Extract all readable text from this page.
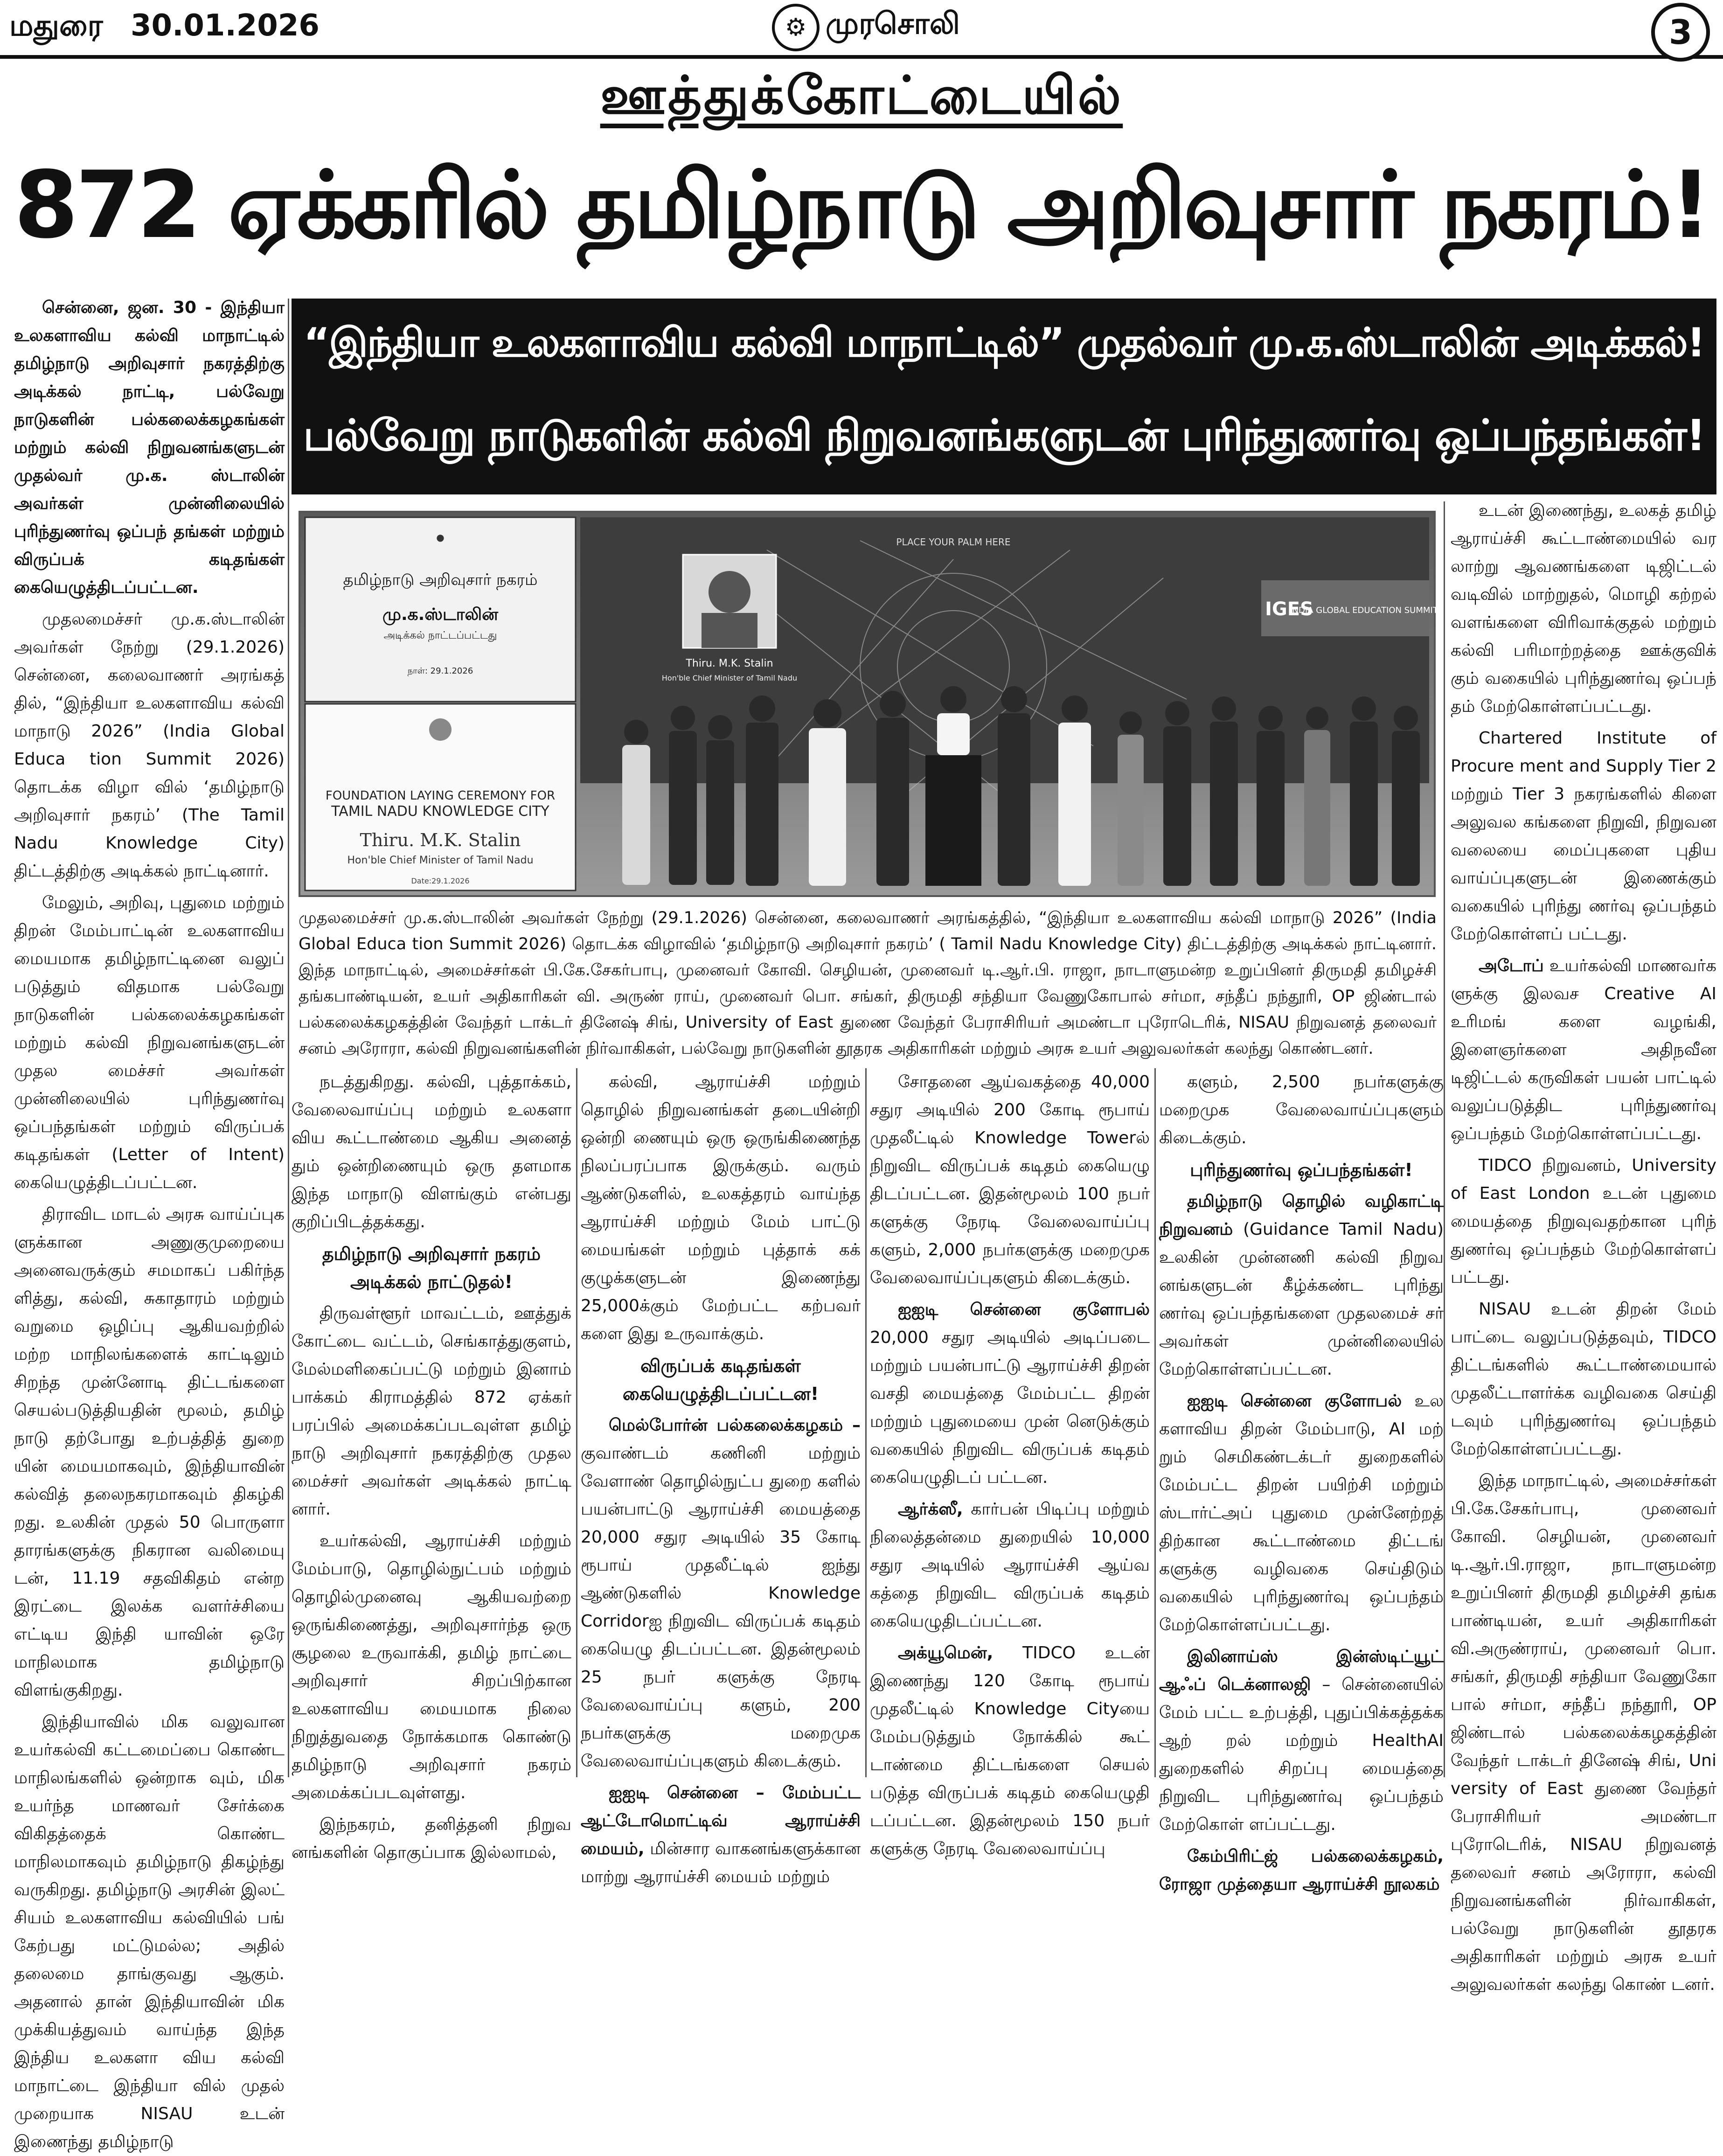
மதுரை 30.01.2026	⚙ முரசொலி	3
ஊத்துக்கோட்டையில்
872 ஏக்கரில் தமிழ்நாடு அறிவுசார் நகரம்!
“இந்தியா உலகளாவிய கல்வி மாநாட்டில்” முதல்வர் மு.க.ஸ்டாலின் அடிக்கல்!
பல்வேறு நாடுகளின் கல்வி நிறுவனங்களுடன் புரிந்துணர்வு ஒப்பந்தங்கள்!

சென்னை, ஜன. 30 - இந்தியா உலகளாவிய கல்வி மாநாட்டில் தமிழ்நாடு அறிவுசார் நகரத்திற்கு அடிக்கல் நாட்டி, பல்வேறு நாடுகளின் பல்கலைக்கழகங்கள் மற்றும் கல்வி நிறுவனங்களுடன் முதல்வர் மு.க. ஸ்டாலின் அவர்கள் முன்னிலையில் புரிந்துணர்வு ஒப்பந் தங்கள் மற்றும் விருப்பக் கடிதங்கள் கையெழுத்திடப்பட்டன.

முதலமைச்சர் மு.க.ஸ்டாலின் அவர்கள் நேற்று (29.1.2026) சென்னை, கலைவாணர் அரங்கத் தில், “இந்தியா உலகளாவிய கல்வி மாநாடு 2026” (India Global Educa tion Summit 2026) தொடக்க விழா வில் ‘தமிழ்நாடு அறிவுசார் நகரம்’ (The Tamil Nadu Knowledge City) திட்டத்திற்கு அடிக்கல் நாட்டினார்.

மேலும், அறிவு, புதுமை மற்றும் திறன் மேம்பாட்டின் உலகளாவிய மையமாக தமிழ்நாட்டினை வலுப் படுத்தும் விதமாக பல்வேறு நாடுகளின் பல்கலைக்கழகங்கள் மற்றும் கல்வி நிறுவனங்களுடன் முதல மைச்சர் அவர்கள் முன்னிலையில் புரிந்துணர்வு ஒப்பந்தங்கள் மற்றும் விருப்பக் கடிதங்கள் (Letter of Intent) கையெழுத்திடப்பட்டன.

திராவிட மாடல் அரசு வாய்ப்புக ளுக்கான அணுகுமுறையை அனைவருக்கும் சமமாகப் பகிர்ந்த ளித்து, கல்வி, சுகாதாரம் மற்றும் வறுமை ஒழிப்பு ஆகியவற்றில் மற்ற மாநிலங்களைக் காட்டிலும் சிறந்த முன்னோடி திட்டங்களை செயல்படுத்தியதின் மூலம், தமிழ் நாடு தற்போது உற்பத்தித் துறை யின் மையமாகவும், இந்தியாவின் கல்வித் தலைநகரமாகவும் திகழ்கி றது. உலகின் முதல் 50 பொருளா தாரங்களுக்கு நிகரான வலிமையு டன், 11.19 சதவிகிதம் என்ற இரட்டை இலக்க வளர்ச்சியை எட்டிய இந்தி யாவின் ஒரே மாநிலமாக தமிழ்நாடு விளங்குகிறது.

இந்தியாவில் மிக வலுவான உயர்கல்வி கட்டமைப்பை கொண்ட மாநிலங்களில் ஒன்றாக வும், மிக உயர்ந்த மாணவர் சேர்க்கை விகிதத்தைக் கொண்ட மாநிலமாகவும் தமிழ்நாடு திகழ்ந்து வருகிறது. தமிழ்நாடு அரசின் இலட் சியம் உலகளாவிய கல்வியில் பங் கேற்பது மட்டுமல்ல; அதில் தலைமை தாங்குவது ஆகும். அதனால் தான் இந்தியாவின் மிக முக்கியத்துவம் வாய்ந்த இந்த இந்திய உலகளா விய கல்வி மாநாட்டை இந்தியா வில் முதல் முறையாக NISAU உடன் இணைந்து தமிழ்நாடு

●
தமிழ்நாடு அறிவுசார் நகரம்
மு.க.ஸ்டாலின்
அடிக்கல் நாட்டப்பட்டது
நாள்: 29.1.2026
FOUNDATION LAYING CEREMONY FOR
TAMIL NADU KNOWLEDGE CITY
Thiru. M.K. Stalin
Hon'ble Chief Minister of Tamil Nadu
Date:29.1.2026
PLACE YOUR PALM HERE
Thiru. M.K. Stalin
Hon'ble Chief Minister of Tamil Nadu
IGES
INDIA GLOBAL EDUCATION SUMMIT
முதலமைச்சர் மு.க.ஸ்டாலின் அவர்கள் நேற்று (29.1.2026) சென்னை, கலைவாணர் அரங்கத்தில், “இந்தியா உலகளாவிய கல்வி மாநாடு 2026” (India Global Educa tion Summit 2026) தொடக்க விழாவில் ‘தமிழ்நாடு அறிவுசார் நகரம்’ ( Tamil Nadu Knowledge City) திட்டத்திற்கு அடிக்கல் நாட்டினார். இந்த மாநாட்டில், அமைச்சர்கள் பி.கே.சேகர்பாபு, முனைவர் கோவி. செழியன், முனைவர் டி.ஆர்.பி. ராஜா, நாடாளுமன்ற உறுப்பினர் திருமதி தமிழச்சி தங்கபாண்டியன், உயர் அதிகாரிகள் வி. அருண் ராய், முனைவர் பொ. சங்கர், திருமதி சந்தியா வேணுகோபால் சர்மா, சந்தீப் நந்தூரி, OP ஜிண்டால் பல்கலைக்கழகத்தின் வேந்தர் டாக்டர் தினேஷ் சிங், University of East துணை வேந்தர் பேராசிரியர் அமண்டா புரோடெரிக், NISAU நிறுவனத் தலைவர் சனம் அரோரா, கல்வி நிறுவனங்களின் நிர்வாகிகள், பல்வேறு நாடுகளின் தூதரக அதிகாரிகள் மற்றும் அரசு உயர் அலுவலர்கள் கலந்து கொண்டனர்.

நடத்துகிறது. கல்வி, புத்தாக்கம், வேலைவாய்ப்பு மற்றும் உலகளா விய கூட்டாண்மை ஆகிய அனைத் தும் ஒன்றிணையும் ஒரு தளமாக இந்த மாநாடு விளங்கும் என்பது குறிப்பிடத்தக்கது.

தமிழ்நாடு அறிவுசார் நகரம் அடிக்கல் நாட்டுதல்!

திருவள்ளூர் மாவட்டம், ஊத்துக் கோட்டை வட்டம், செங்காத்துகுளம், மேல்மளிகைப்பட்டு மற்றும் இனாம் பாக்கம் கிராமத்தில் 872 ஏக்கர் பரப்பில் அமைக்கப்படவுள்ள தமிழ் நாடு அறிவுசார் நகரத்திற்கு முதல மைச்சர் அவர்கள் அடிக்கல் நாட்டி னார்.

உயர்கல்வி, ஆராய்ச்சி மற்றும் மேம்பாடு, தொழில்நுட்பம் மற்றும் தொழில்முனைவு ஆகியவற்றை ஒருங்கிணைத்து, அறிவுசார்ந்த ஒரு சூழலை உருவாக்கி, தமிழ் நாட்டை அறிவுசார் சிறப்பிற்கான உலகளாவிய மையமாக நிலை நிறுத்துவதை நோக்கமாக கொண்டு தமிழ்நாடு அறிவுசார் நகரம் அமைக்கப்படவுள்ளது.

இந்நகரம், தனித்தனி நிறுவ னங்களின் தொகுப்பாக இல்லாமல்,

கல்வி, ஆராய்ச்சி மற்றும் தொழில் நிறுவனங்கள் தடையின்றி ஒன்றி ணையும் ஒரு ஒருங்கிணைந்த நிலப்பரப்பாக இருக்கும். வரும் ஆண்டுகளில், உலகத்தரம் வாய்ந்த ஆராய்ச்சி மற்றும் மேம் பாட்டு மையங்கள் மற்றும் புத்தாக் கக் குழுக்களுடன் இணைந்து 25,000க்கும் மேற்பட்ட கற்பவர் களை இது உருவாக்கும்.

விருப்பக் கடிதங்கள் கையெழுத்திடப்பட்டன!

மெல்போர்ன் பல்கலைக்கழகம் – குவாண்டம் கணினி மற்றும் வேளாண் தொழில்நுட்ப துறை களில் பயன்பாட்டு ஆராய்ச்சி மையத்தை 20,000 சதுர அடியில் 35 கோடி ரூபாய் முதலீட்டில் ஐந்து ஆண்டுகளில் Knowledge Corridorஐ நிறுவிட விருப்பக் கடிதம் கையெழு திடப்பட்டன. இதன்மூலம் 25 நபர் களுக்கு நேரடி வேலைவாய்ப்பு களும், 200 நபர்களுக்கு மறைமுக வேலைவாய்ப்புகளும் கிடைக்கும்.

ஐஐடி சென்னை – மேம்பட்ட ஆட்டோமொட்டிவ் ஆராய்ச்சி மையம், மின்சார வாகனங்களுக்கான மாற்று ஆராய்ச்சி மையம் மற்றும்

சோதனை ஆய்வகத்தை 40,000 சதுர அடியில் 200 கோடி ரூபாய் முதலீட்டில் Knowledge Towerல் நிறுவிட விருப்பக் கடிதம் கையெழு திடப்பட்டன. இதன்மூலம் 100 நபர் களுக்கு நேரடி வேலைவாய்ப்பு களும், 2,000 நபர்களுக்கு மறைமுக வேலைவாய்ப்புகளும் கிடைக்கும்.

ஐஐடி சென்னை குளோபல் 20,000 சதுர அடியில் அடிப்படை மற்றும் பயன்பாட்டு ஆராய்ச்சி திறன் வசதி மையத்தை மேம்பட்ட திறன் மற்றும் புதுமையை முன் னெடுக்கும் வகையில் நிறுவிட விருப்பக் கடிதம் கையெழுதிடப் பட்டன.

ஆர்க்ஸீ, கார்பன் பிடிப்பு மற்றும் நிலைத்தன்மை துறையில் 10,000 சதுர அடியில் ஆராய்ச்சி ஆய்வ கத்தை நிறுவிட விருப்பக் கடிதம் கையெழுதிடப்பட்டன.

அக்யூமென், TIDCO உடன் இணைந்து 120 கோடி ரூபாய் முதலீட்டில் Knowledge Cityயை மேம்படுத்தும் நோக்கில் கூட் டாண்மை திட்டங்களை செயல் படுத்த விருப்பக் கடிதம் கையெழுதி டப்பட்டன. இதன்மூலம் 150 நபர் களுக்கு நேரடி வேலைவாய்ப்பு

களும், 2,500 நபர்களுக்கு மறைமுக வேலைவாய்ப்புகளும் கிடைக்கும்.

புரிந்துணர்வு ஒப்பந்தங்கள்!

தமிழ்நாடு தொழில் வழிகாட்டி நிறுவனம் (Guidance Tamil Nadu) உலகின் முன்னணி கல்வி நிறுவ னங்களுடன் கீழ்க்கண்ட புரிந்து ணர்வு ஒப்பந்தங்களை முதலமைச் சர் அவர்கள் முன்னிலையில் மேற்கொள்ளப்பட்டன.

ஐஐடி சென்னை குளோபல் உல களாவிய திறன் மேம்பாடு, AI மற் றும் செமிகண்டக்டர் துறைகளில் மேம்பட்ட திறன் பயிற்சி மற்றும் ஸ்டார்ட்அப் புதுமை முன்னேற்றத் திற்கான கூட்டாண்மை திட்டங் களுக்கு வழிவகை செய்திடும் வகையில் புரிந்துணர்வு ஒப்பந்தம் மேற்கொள்ளப்பட்டது.

இலினாய்ஸ் இன்ஸ்டிட்யூட் ஆஃப் டெக்னாலஜி – சென்னையில் மேம் பட்ட உற்பத்தி, புதுப்பிக்கத்தக்க ஆற் றல் மற்றும் HealthAI துறைகளில் சிறப்பு மையத்தை நிறுவிட புரிந்துணர்வு ஒப்பந்தம் மேற்கொள் ளப்பட்டது.

கேம்பிரிட்ஜ் பல்கலைக்கழகம், ரோஜா முத்தையா ஆராய்ச்சி நூலகம்

உடன் இணைந்து, உலகத் தமிழ் ஆராய்ச்சி கூட்டாண்மையில் வர லாற்று ஆவணங்களை டிஜிட்டல் வடிவில் மாற்றுதல், மொழி கற்றல் வளங்களை விரிவாக்குதல் மற்றும் கல்வி பரிமாற்றத்தை ஊக்குவிக் கும் வகையில் புரிந்துணர்வு ஒப்பந் தம் மேற்கொள்ளப்பட்டது.

Chartered Institute of Procure ment and Supply Tier 2 மற்றும் Tier 3 நகரங்களில் கிளை அலுவல கங்களை நிறுவி, நிறுவன வலையை மைப்புகளை புதிய வாய்ப்புகளுடன் இணைக்கும் வகையில் புரிந்து ணர்வு ஒப்பந்தம் மேற்கொள்ளப் பட்டது.

அடோப் உயர்கல்வி மாணவர்க ளுக்கு இலவச Creative AI உரிமங் களை வழங்கி, இளைஞர்களை அதிநவீன டிஜிட்டல் கருவிகள் பயன் பாட்டில் வலுப்படுத்திட புரிந்துணர்வு ஒப்பந்தம் மேற்கொள்ளப்பட்டது.

TIDCO நிறுவனம், University of East London உடன் புதுமை மையத்தை நிறுவுவதற்கான புரிந் துணர்வு ஒப்பந்தம் மேற்கொள்ளப் பட்டது.

NISAU உடன் திறன் மேம் பாட்டை வலுப்படுத்தவும், TIDCO திட்டங்களில் கூட்டாண்மையால் முதலீட்டாளர்க்க வழிவகை செய்தி டவும் புரிந்துணர்வு ஒப்பந்தம் மேற்கொள்ளப்பட்டது.

இந்த மாநாட்டில், அமைச்சர்கள் பி.கே.சேகர்பாபு, முனைவர் கோவி. செழியன், முனைவர் டி.ஆர்.பி.ராஜா, நாடாளுமன்ற உறுப்பினர் திருமதி தமிழச்சி தங்க பாண்டியன், உயர் அதிகாரிகள் வி.அருண்ராய், முனைவர் பொ. சங்கர், திருமதி சந்தியா வேணுகோ பால் சர்மா, சந்தீப் நந்தூரி, OP ஜிண்டால் பல்கலைக்கழகத்தின் வேந்தர் டாக்டர் தினேஷ் சிங், Uni versity of East துணை வேந்தர் பேராசிரியர் அமண்டா புரோடெரிக், NISAU நிறுவனத் தலைவர் சனம் அரோரா, கல்வி நிறுவனங்களின் நிர்வாகிகள், பல்வேறு நாடுகளின் தூதரக அதிகாரிகள் மற்றும் அரசு உயர் அலுவலர்கள் கலந்து கொண் டனர்.
